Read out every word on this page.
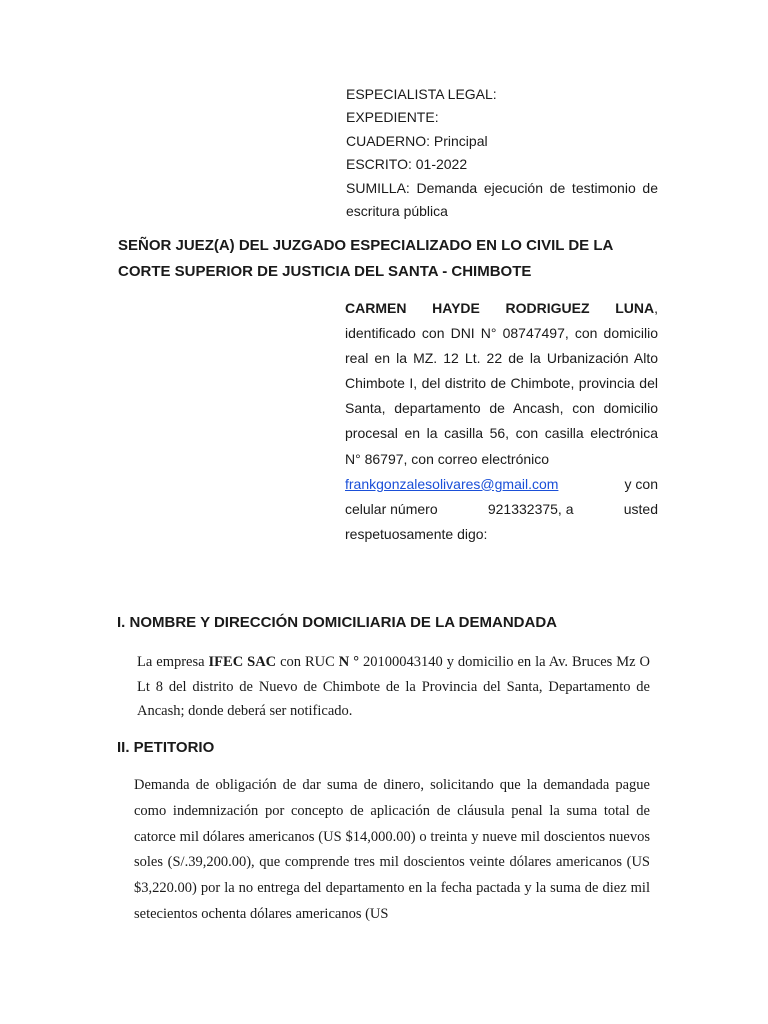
ESPECIALISTA LEGAL:
EXPEDIENTE:
CUADERNO: Principal
ESCRITO: 01-2022
SUMILLA: Demanda ejecución de testimonio de escritura pública
SEÑOR JUEZ(A) DEL JUZGADO ESPECIALIZADO EN LO CIVIL DE LA CORTE SUPERIOR DE JUSTICIA DEL SANTA - CHIMBOTE
CARMEN HAYDE RODRIGUEZ LUNA, identificado con DNI N° 08747497, con domicilio real en la MZ. 12 Lt. 22 de la Urbanización Alto Chimbote I, del distrito de Chimbote, provincia del Santa, departamento de Ancash, con domicilio procesal en la casilla 56, con casilla electrónica N° 86797, con correo electrónico
frankgonzalesolivares@gmail.com	y con
celular número	921332375, a	usted
respetuosamente digo:
I. NOMBRE Y DIRECCIÓN DOMICILIARIA DE LA DEMANDADA
La empresa IFEC SAC con RUC N ° 20100043140 y domicilio en la Av. Bruces Mz O Lt 8 del distrito de Nuevo de Chimbote de la Provincia del Santa, Departamento de Ancash; donde deberá ser notificado.
II. PETITORIO
Demanda de obligación de dar suma de dinero, solicitando que la demandada pague como indemnización por concepto de aplicación de cláusula penal la suma total de catorce mil dólares americanos (US $14,000.00) o treinta y nueve mil doscientos nuevos soles (S/.39,200.00), que comprende tres mil doscientos veinte dólares americanos (US $3,220.00) por la no entrega del departamento en la fecha pactada y la suma de diez mil setecientos ochenta dólares americanos (US
